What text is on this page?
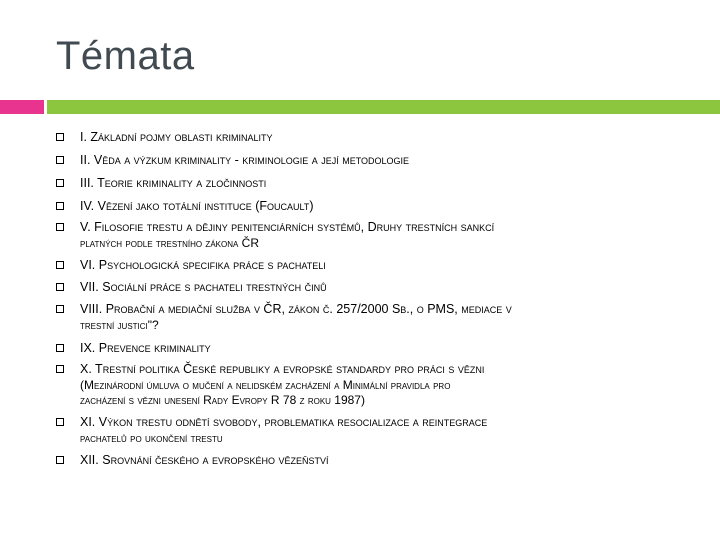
Témata
I. Základní pojmy oblasti kriminality
II. Věda a výzkum kriminality - kriminologie a její metodologie
III. Teorie kriminality a zločinnosti
IV. Vězení jako totální instituce (Foucault)
V. Filosofie trestu a dějiny penitenciárních systémů, Druhy trestních sankcí
platných podle trestního zákona ČR
VI. Psychologická specifika práce s pachateli
VII. Sociální práce s pachateli trestných činů
VIII. Probační a mediační služba v ČR, zákon č. 257/2000 Sb., o PMS, mediace v
trestní justici"?
IX. Prevence kriminality
X. Trestní politika České republiky a evropské standardy pro práci s vězni
(Mezinárodní úmluva o mučení a nelidském zacházení a Minimální pravidla pro
zacházení s vězni unesení Rady Evropy R 78 z roku 1987)
XI. Výkon trestu odnětí svobody, problematika resocializace a reintegrace
pachatelů po ukončení trestu
XII. Srovnání českého a evropského vězeňství
